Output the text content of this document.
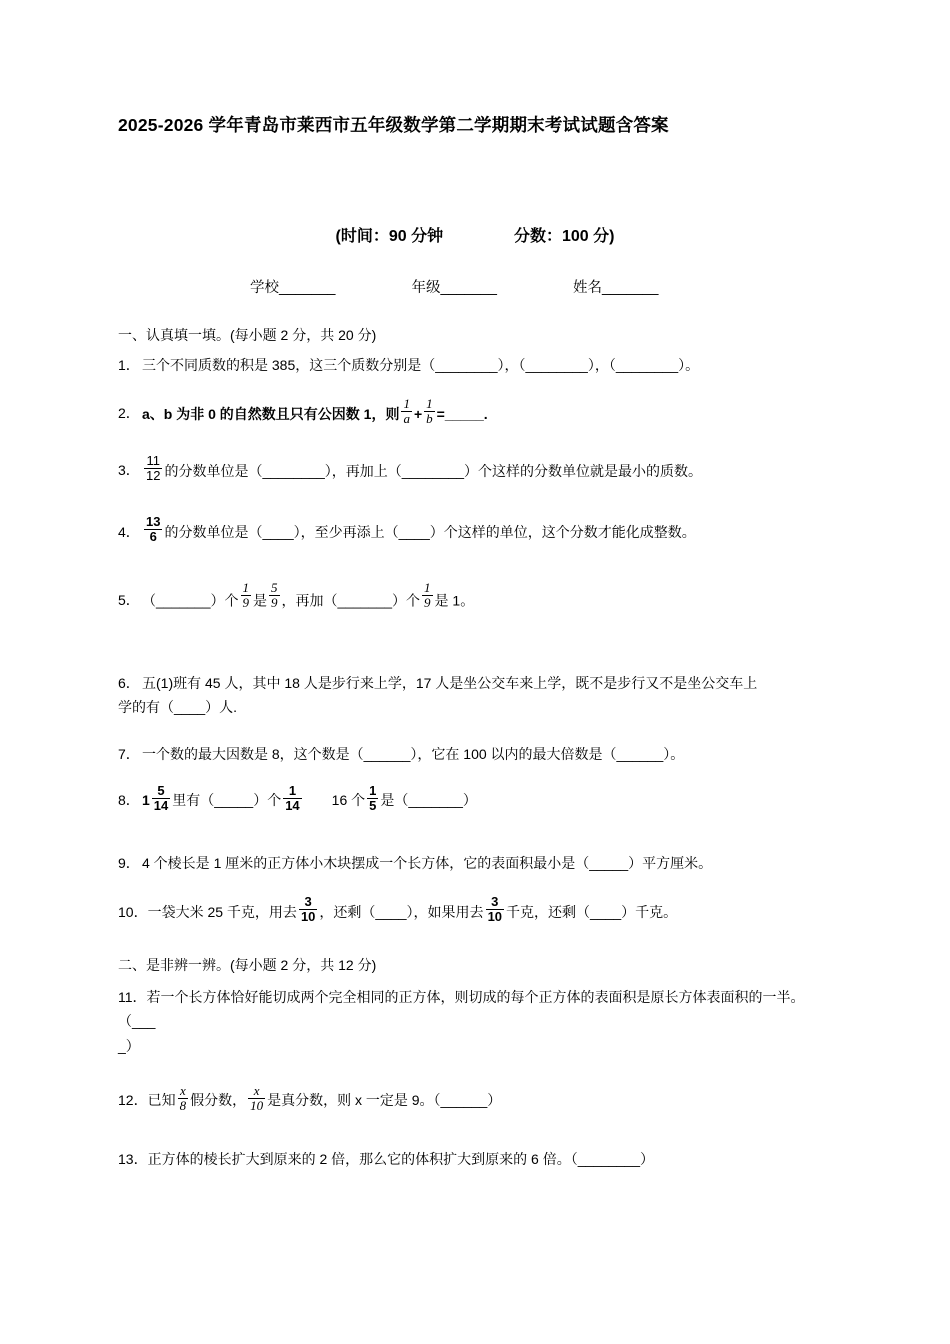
2025-2026 学年青岛市莱西市五年级数学第二学期期末考试试题含答案
(时间：90 分钟	分数：100 分)
学校_______	年级_______	姓名_______
一、认真填一填。(每小题 2 分，共 20 分)
1． 三个不同质数的积是 385，这三个质数分别是（________），（________），（________）。
2． a、b 为非 0 的自然数且只有公因数 1，则 $\frac{1}{a} + \frac{1}{b}$ =_____.
3． $\frac{11}{12}$ 的分数单位是（________），再加上（________）个这样的分数单位就是最小的质数。
4． $\frac{13}{6}$ 的分数单位是（____），至少再添上（____）个这样的单位，这个分数才能化成整数。
5． （_______）个 $\frac{1}{9}$ 是 $\frac{5}{9}$ ，再加（_______）个 $\frac{1}{9}$ 是 1。
6． 五(1)班有 45 人，其中 18 人是步行来上学，17 人是坐公交车来上学，既不是步行又不是坐公交车上
学的有（____）人.
7． 一个数的最大因数是 8，这个数是（______），它在 100 以内的最大倍数是（______）。
8． $1 \frac{5}{14}$ 里有（_____）个 $\frac{1}{14} 16$ 个 $\frac{1}{5}$ 是（_______）
9． 4 个棱长是 1 厘米的正方体小木块摆成一个长方体，它的表面积最小是（_____）平方厘米。
10．一袋大米 25 千克，用去 $\frac{3}{10}$ ，还剩（____），如果用去 $\frac{3}{10}$ 千克，还剩（____）千克。
二、是非辨一辨。(每小题 2 分，共 12 分)
11．若一个长方体恰好能切成两个完全相同的正方体，则切成的每个正方体的表面积是原长方体表面积的一半。（___
_）
12．已知 $\frac{x}{8}$ 假分数， $\frac{x}{10}$ 是真分数，则 x 一定是 9。（______）
13．正方体的棱长扩大到原来的 2 倍，那么它的体积扩大到原来的 6 倍。（________）
